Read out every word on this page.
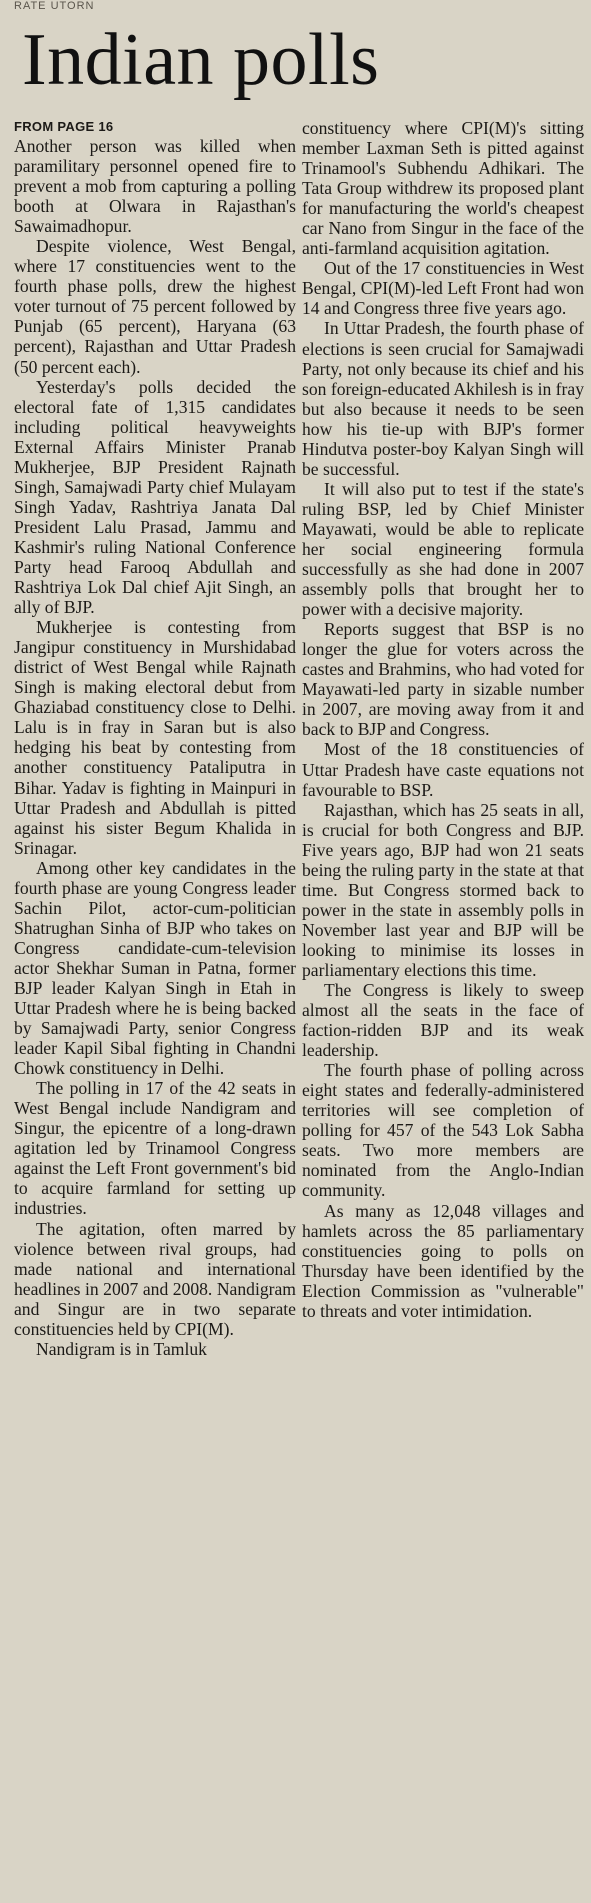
RATE UTORN
Indian polls
FROM PAGE 16

Another person was killed when paramilitary personnel opened fire to prevent a mob from capturing a polling booth at Olwara in Rajasthan's Sawaimadhopur.

Despite violence, West Bengal, where 17 constituencies went to the fourth phase polls, drew the highest voter turnout of 75 percent followed by Punjab (65 percent), Haryana (63 percent), Rajasthan and Uttar Pradesh (50 percent each).

Yesterday's polls decided the electoral fate of 1,315 candidates including political heavyweights External Affairs Minister Pranab Mukherjee, BJP President Rajnath Singh, Samajwadi Party chief Mulayam Singh Yadav, Rashtriya Janata Dal President Lalu Prasad, Jammu and Kashmir's ruling National Conference Party head Farooq Abdullah and Rashtriya Lok Dal chief Ajit Singh, an ally of BJP.

Mukherjee is contesting from Jangipur constituency in Murshidabad district of West Bengal while Rajnath Singh is making electoral debut from Ghaziabad constituency close to Delhi. Lalu is in fray in Saran but is also hedging his beat by contesting from another constituency Pataliputra in Bihar. Yadav is fighting in Mainpuri in Uttar Pradesh and Abdullah is pitted against his sister Begum Khalida in Srinagar.

Among other key candidates in the fourth phase are young Congress leader Sachin Pilot, actor-cum-politician Shatrughan Sinha of BJP who takes on Congress candidate-cum-television actor Shekhar Suman in Patna, former BJP leader Kalyan Singh in Etah in Uttar Pradesh where he is being backed by Samajwadi Party, senior Congress leader Kapil Sibal fighting in Chandni Chowk constituency in Delhi.

The polling in 17 of the 42 seats in West Bengal include Nandigram and Singur, the epicentre of a long-drawn agitation led by Trinamool Congress against the Left Front government's bid to acquire farmland for setting up industries.

The agitation, often marred by violence between rival groups, had made national and international headlines in 2007 and 2008. Nandigram and Singur are in two separate constituencies held by CPI(M).

Nandigram is in Tamluk

constituency where CPI(M)'s sitting member Laxman Seth is pitted against Trinamool's Subhendu Adhikari. The Tata Group withdrew its proposed plant for manufacturing the world's cheapest car Nano from Singur in the face of the anti-farmland acquisition agitation.

Out of the 17 constituencies in West Bengal, CPI(M)-led Left Front had won 14 and Congress three five years ago.

In Uttar Pradesh, the fourth phase of elections is seen crucial for Samajwadi Party, not only because its chief and his son foreign-educated Akhilesh is in fray but also because it needs to be seen how his tie-up with BJP's former Hindutva poster-boy Kalyan Singh will be successful.

It will also put to test if the state's ruling BSP, led by Chief Minister Mayawati, would be able to replicate her social engineering formula successfully as she had done in 2007 assembly polls that brought her to power with a decisive majority.

Reports suggest that BSP is no longer the glue for voters across the castes and Brahmins, who had voted for Mayawati-led party in sizable number in 2007, are moving away from it and back to BJP and Congress.

Most of the 18 constituencies of Uttar Pradesh have caste equations not favourable to BSP.

Rajasthan, which has 25 seats in all, is crucial for both Congress and BJP. Five years ago, BJP had won 21 seats being the ruling party in the state at that time. But Congress stormed back to power in the state in assembly polls in November last year and BJP will be looking to minimise its losses in parliamentary elections this time.

The Congress is likely to sweep almost all the seats in the face of faction-ridden BJP and its weak leadership.

The fourth phase of polling across eight states and federally-administered territories will see completion of polling for 457 of the 543 Lok Sabha seats. Two more members are nominated from the Anglo-Indian community.

As many as 12,048 villages and hamlets across the 85 parliamentary constituencies going to polls on Thursday have been identified by the Election Commission as "vulnerable" to threats and voter intimidation.
